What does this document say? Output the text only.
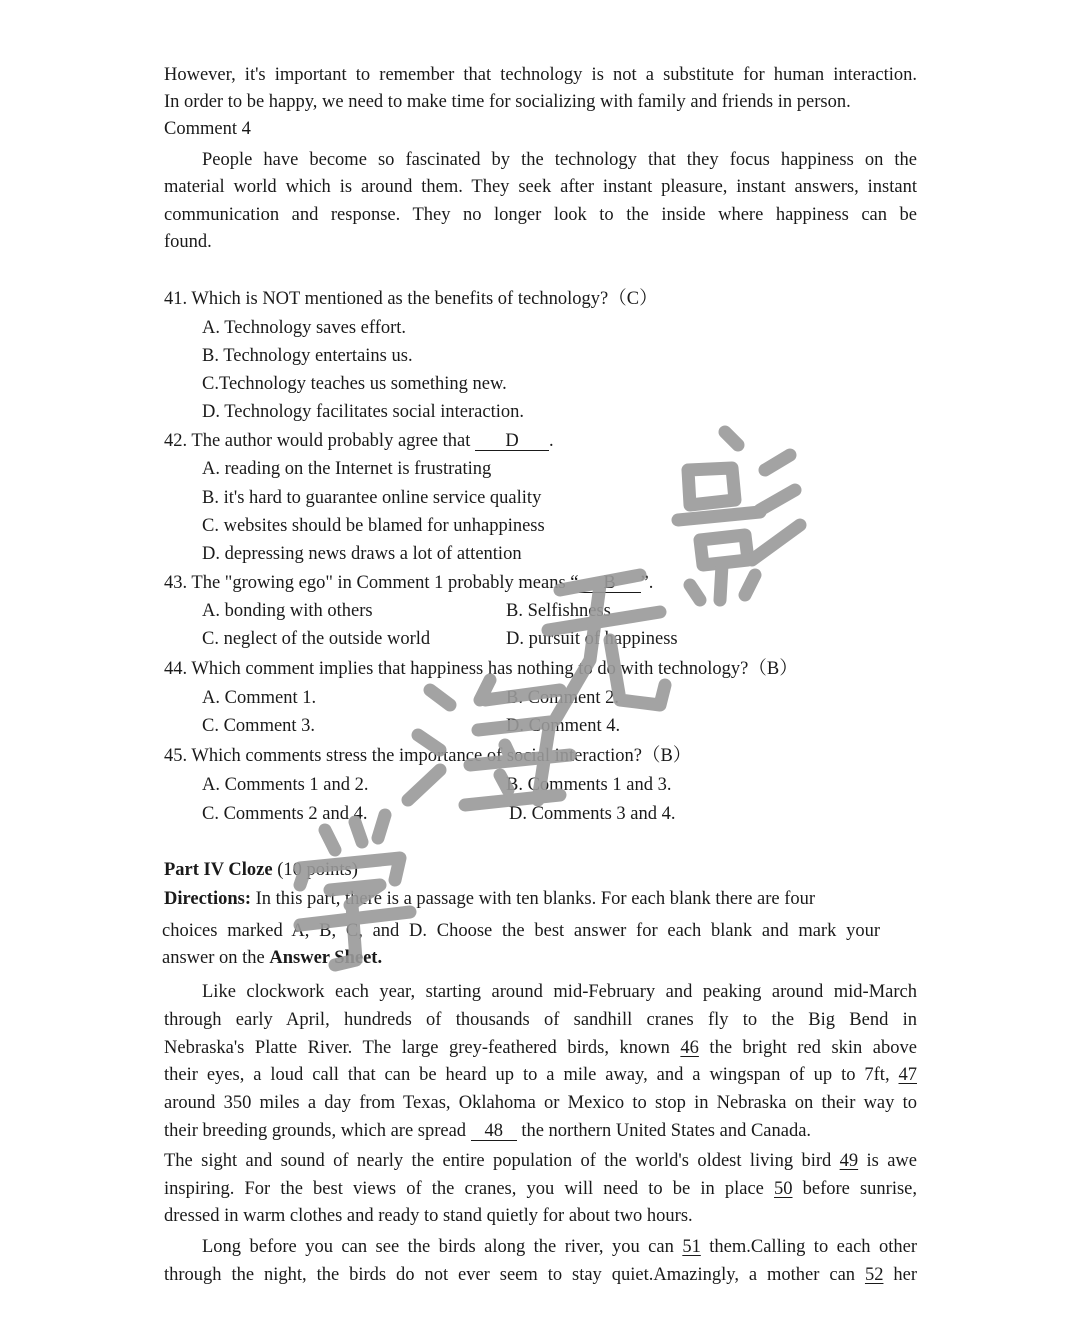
However, it's important to remember that technology is not a substitute for human interaction.
In order to be happy, we need to make time for socializing with family and friends in person.
Comment 4
People have become so fascinated by the technology that they focus happiness on the
material world which is around them. They seek after instant pleasure, instant answers, instant
communication and response. They no longer look to the inside where happiness can be
found.
41. Which is NOT mentioned as the benefits of technology?（C）
A. Technology saves effort.
B. Technology entertains us.
C.Technology teaches us something new.
D. Technology facilitates social interaction.
42. The author would probably agree that D .
A. reading on the Internet is frustrating
B. it's hard to guarantee online service quality
C. websites should be blamed for unhappiness
D. depressing news draws a lot of attention
43. The "growing ego" in Comment 1 probably means “ B ”.
A. bonding with others	B. Selfishness
C. neglect of the outside world	D. pursuit of happiness
44. Which comment implies that happiness has nothing to do with technology?（B）
A. Comment 1.	B. Comment 2.
C. Comment 3.	D. Comment 4.
45. Which comments stress the importance of social interaction?（B）
A. Comments 1 and 2.	B. Comments 1 and 3.
C. Comments 2 and 4.	D. Comments 3 and 4.
Part IV Cloze (10 points)
Directions: In this part, there is a passage with ten blanks. For each blank there are four
choices marked A, B, C, and D. Choose the best answer for each blank and mark your
answer on the Answer Sheet.
Like clockwork each year, starting around mid-February and peaking around mid-March
through early April, hundreds of thousands of sandhill cranes fly to the Big Bend in
Nebraska's Platte River. The large grey-feathered birds, known 46 the bright red skin above
their eyes, a loud call that can be heard up to a mile away, and a wingspan of up to 7ft, 47
around 350 miles a day from Texas, Oklahoma or Mexico to stop in Nebraska on their way to
their breeding grounds, which are spread 48 the northern United States and Canada.
The sight and sound of nearly the entire population of the world's oldest living bird 49 is awe
inspiring. For the best views of the cranes, you will need to be in place 50 before sunrise,
dressed in warm clothes and ready to stand quietly for about two hours.
Long before you can see the birds along the river, you can 51 them.Calling to each other
through the night, the birds do not ever seem to stay quiet.Amazingly, a mother can 52 her
